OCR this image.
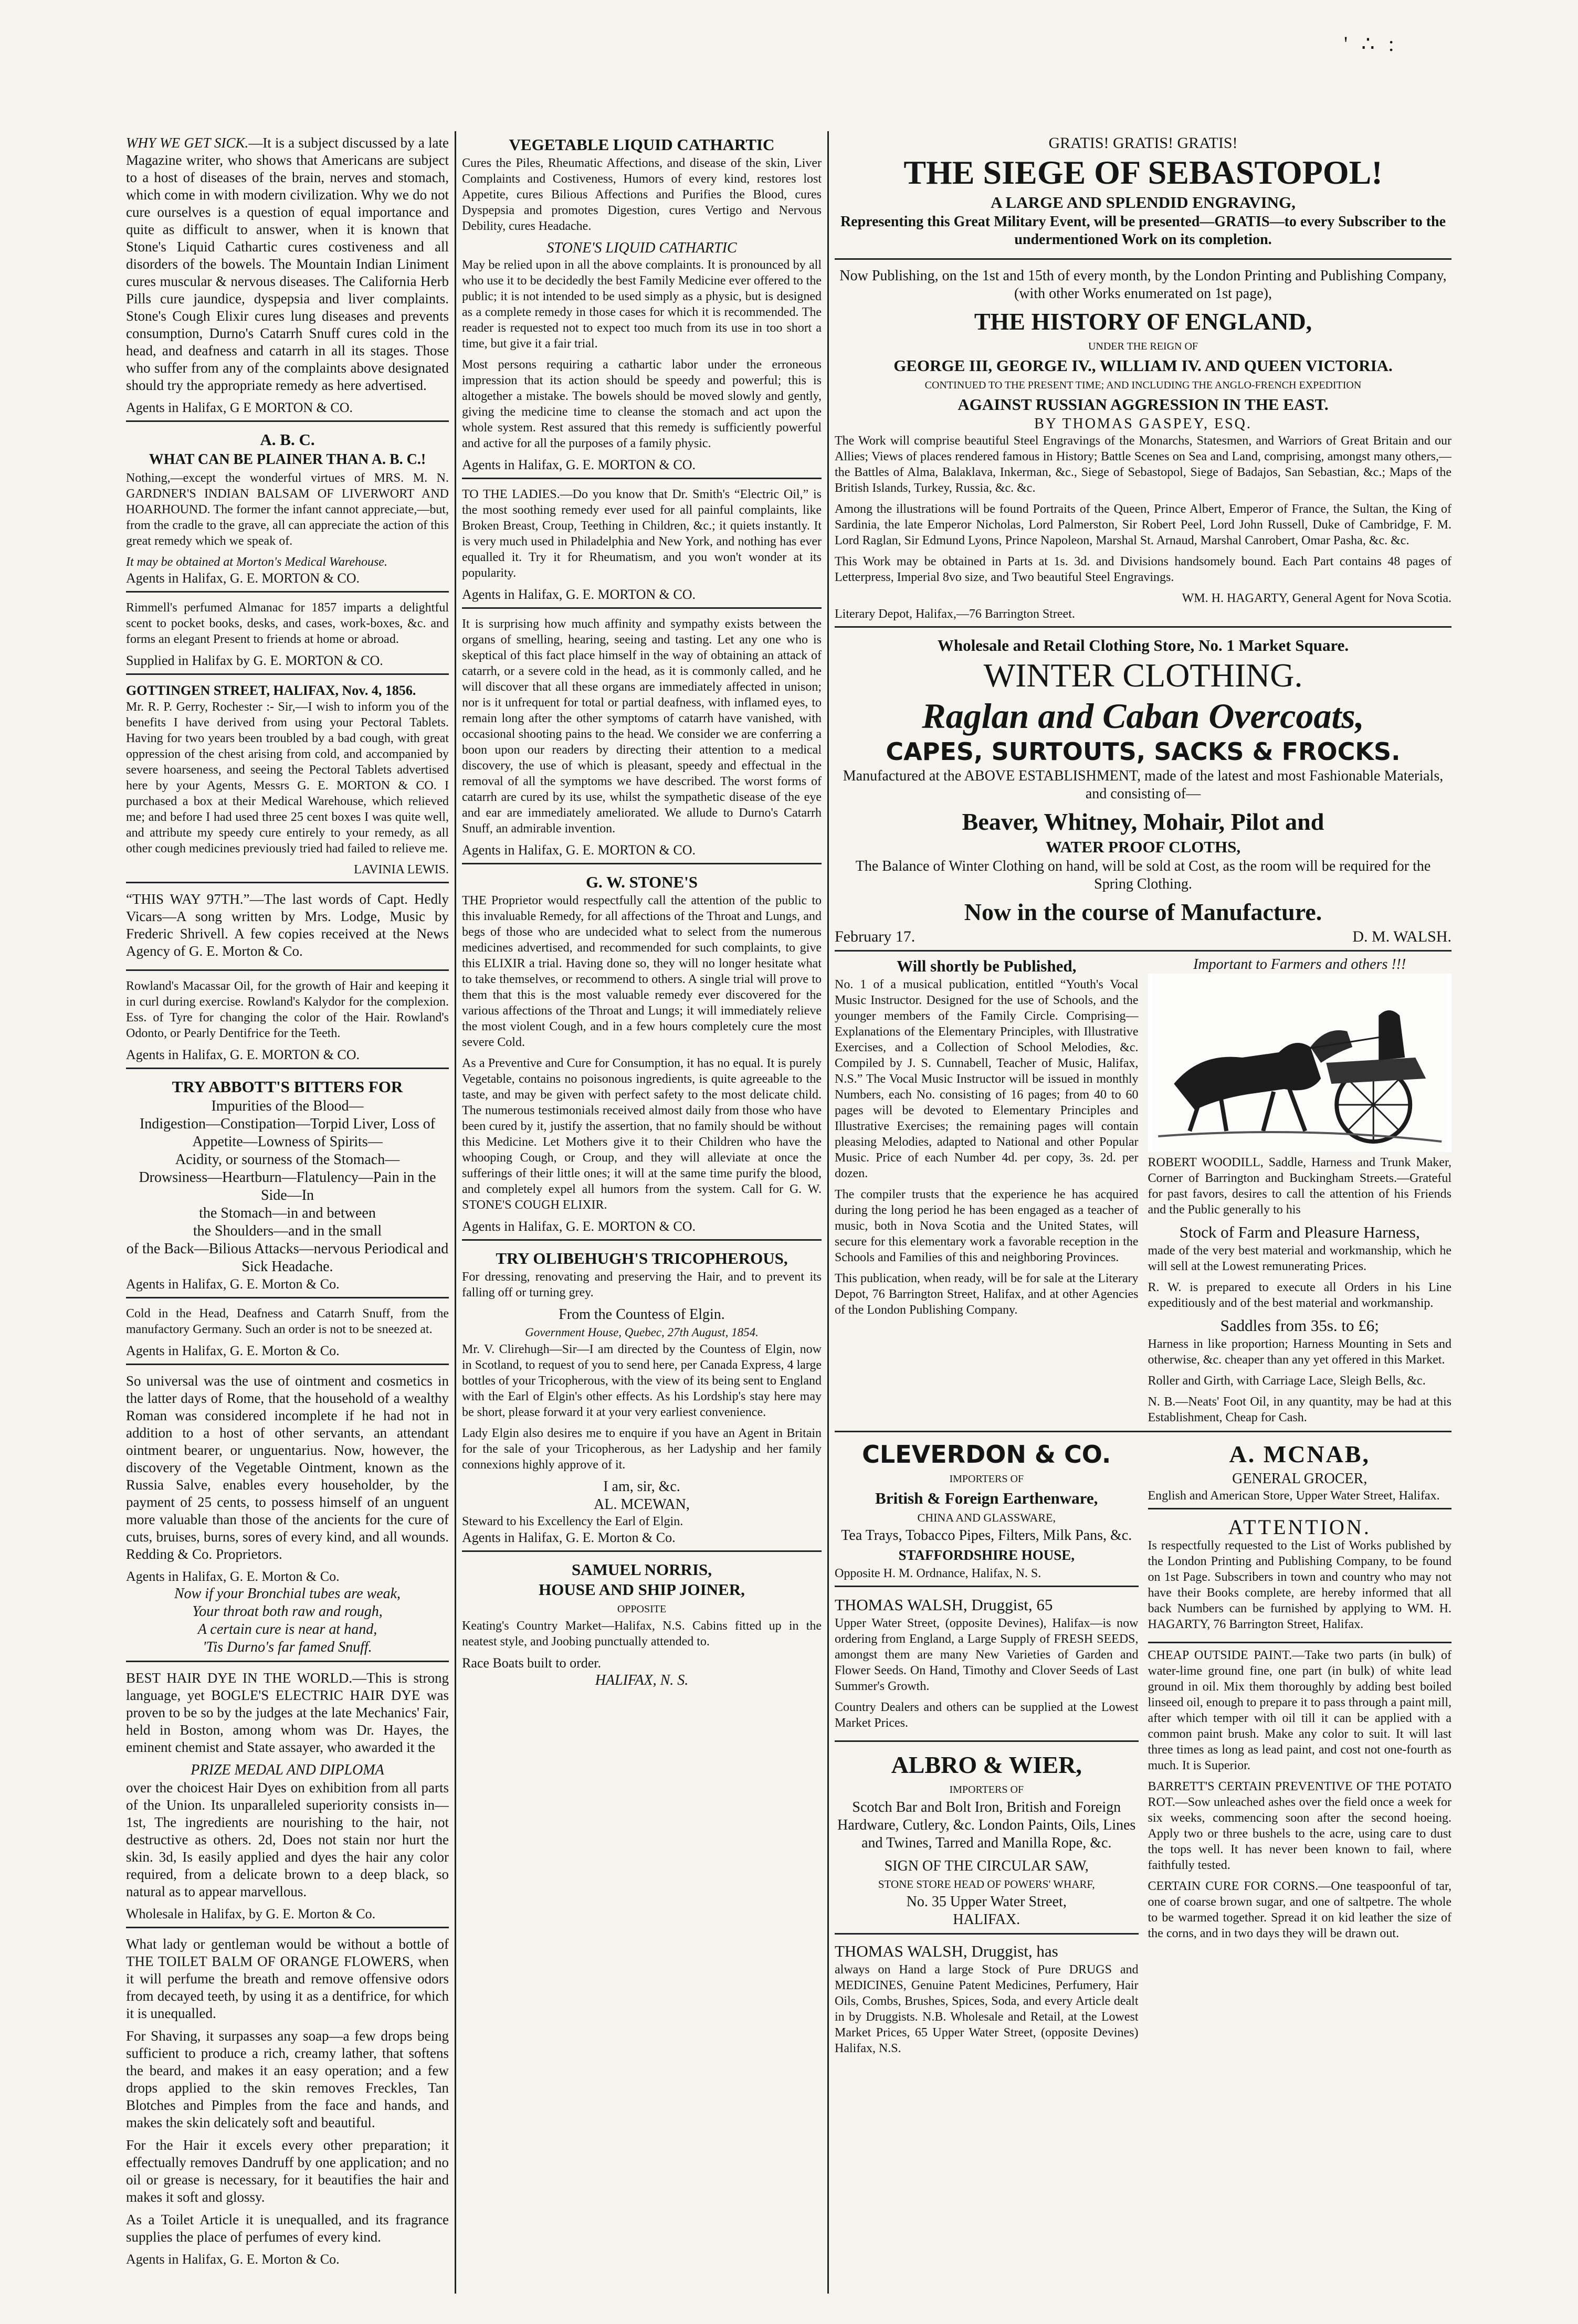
' ∴ :

WHY WE GET SICK.—It is a subject discussed by a late Magazine writer, who shows that Americans are subject to a host of diseases of the brain, nerves and stomach, which come in with modern civilization. Why we do not cure ourselves is a question of equal importance and quite as difficult to answer, when it is known that Stone's Liquid Cathartic cures costiveness and all disorders of the bowels. The Mountain Indian Liniment cures muscular & nervous diseases. The California Herb Pills cure jaundice, dyspepsia and liver complaints. Stone's Cough Elixir cures lung diseases and prevents consumption, Durno's Catarrh Snuff cures cold in the head, and deafness and catarrh in all its stages. Those who suffer from any of the complaints above designated should try the appropriate remedy as here advertised.

Agents in Halifax, G E MORTON & CO.
A. B. C.
WHAT CAN BE PLAINER THAN A. B. C.!

Nothing,—except the wonderful virtues of MRS. M. N. GARDNER'S INDIAN BALSAM OF LIVERWORT AND HOARHOUND. The former the infant cannot appreciate,—but, from the cradle to the grave, all can appreciate the action of this great remedy which we speak of.

It may be obtained at Morton's Medical Warehouse.
Agents in Halifax, G. E. MORTON & CO.

Rimmell's perfumed Almanac for 1857 imparts a delightful scent to pocket books, desks, and cases, work-boxes, &c. and forms an elegant Present to friends at home or abroad.

Supplied in Halifax by G. E. MORTON & CO.
GOTTINGEN STREET, HALIFAX, Nov. 4, 1856.

Mr. R. P. Gerry, Rochester :- Sir,—I wish to inform you of the benefits I have derived from using your Pectoral Tablets. Having for two years been troubled by a bad cough, with great oppression of the chest arising from cold, and accompanied by severe hoarseness, and seeing the Pectoral Tablets advertised here by your Agents, Messrs G. E. MORTON & CO. I purchased a box at their Medical Warehouse, which relieved me; and before I had used three 25 cent boxes I was quite well, and attribute my speedy cure entirely to your remedy, as all other cough medicines previously tried had failed to relieve me.

LAVINIA LEWIS.

“THIS WAY 97TH.”—The last words of Capt. Hedly Vicars—A song written by Mrs. Lodge, Music by Frederic Shrivell. A few copies received at the News Agency of G. E. Morton & Co.

Rowland's Macassar Oil, for the growth of Hair and keeping it in curl during exercise. Rowland's Kalydor for the complexion. Ess. of Tyre for changing the color of the Hair. Rowland's Odonto, or Pearly Dentifrice for the Teeth.

Agents in Halifax, G. E. MORTON & CO.
TRY ABBOTT'S BITTERS FOR
Impurities of the Blood—
Indigestion—Constipation—Torpid Liver, Loss of Appetite—Lowness of Spirits—
Acidity, or sourness of the Stomach—
Drowsiness—Heartburn—Flatulency—Pain in the Side—In
the Stomach—in and between
the Shoulders—and in the small
of the Back—Bilious Attacks—nervous Periodical and Sick Headache.
Agents in Halifax, G. E. Morton & Co.

Cold in the Head, Deafness and Catarrh Snuff, from the manufactory Germany. Such an order is not to be sneezed at.

Agents in Halifax, G. E. Morton & Co.

So universal was the use of ointment and cosmetics in the latter days of Rome, that the household of a wealthy Roman was considered incomplete if he had not in addition to a host of other servants, an attendant ointment bearer, or unguentarius. Now, however, the discovery of the Vegetable Ointment, known as the Russia Salve, enables every householder, by the payment of 25 cents, to possess himself of an unguent more valuable than those of the ancients for the cure of cuts, bruises, burns, sores of every kind, and all wounds. Redding & Co. Proprietors.

Agents in Halifax, G. E. Morton & Co.
Now if your Bronchial tubes are weak,
Your throat both raw and rough,
A certain cure is near at hand,
'Tis Durno's far famed Snuff.

BEST HAIR DYE IN THE WORLD.—This is strong language, yet BOGLE'S ELECTRIC HAIR DYE was proven to be so by the judges at the late Mechanics' Fair, held in Boston, among whom was Dr. Hayes, the eminent chemist and State assayer, who awarded it the

PRIZE MEDAL AND DIPLOMA

over the choicest Hair Dyes on exhibition from all parts of the Union. Its unparalleled superiority consists in—1st, The ingredients are nourishing to the hair, not destructive as others. 2d, Does not stain nor hurt the skin. 3d, Is easily applied and dyes the hair any color required, from a delicate brown to a deep black, so natural as to appear marvellous.

Wholesale in Halifax, by G. E. Morton & Co.

What lady or gentleman would be without a bottle of THE TOILET BALM OF ORANGE FLOWERS, when it will perfume the breath and remove offensive odors from decayed teeth, by using it as a dentifrice, for which it is unequalled.

For Shaving, it surpasses any soap—a few drops being sufficient to produce a rich, creamy lather, that softens the beard, and makes it an easy operation; and a few drops applied to the skin removes Freckles, Tan Blotches and Pimples from the face and hands, and makes the skin delicately soft and beautiful.

For the Hair it excels every other preparation; it effectually removes Dandruff by one application; and no oil or grease is necessary, for it beautifies the hair and makes it soft and glossy.

As a Toilet Article it is unequalled, and its fragrance supplies the place of perfumes of every kind.

Agents in Halifax, G. E. Morton & Co.
VEGETABLE LIQUID CATHARTIC

Cures the Piles, Rheumatic Affections, and disease of the skin, Liver Complaints and Costiveness, Humors of every kind, restores lost Appetite, cures Bilious Affections and Purifies the Blood, cures Dyspepsia and promotes Digestion, cures Vertigo and Nervous Debility, cures Headache.

STONE'S LIQUID CATHARTIC

May be relied upon in all the above complaints. It is pronounced by all who use it to be decidedly the best Family Medicine ever offered to the public; it is not intended to be used simply as a physic, but is designed as a complete remedy in those cases for which it is recommended. The reader is requested not to expect too much from its use in too short a time, but give it a fair trial.

Most persons requiring a cathartic labor under the erroneous impression that its action should be speedy and powerful; this is altogether a mistake. The bowels should be moved slowly and gently, giving the medicine time to cleanse the stomach and act upon the whole system. Rest assured that this remedy is sufficiently powerful and active for all the purposes of a family physic.

Agents in Halifax, G. E. MORTON & CO.

TO THE LADIES.—Do you know that Dr. Smith's “Electric Oil,” is the most soothing remedy ever used for all painful complaints, like Broken Breast, Croup, Teething in Children, &c.; it quiets instantly. It is very much used in Philadelphia and New York, and nothing has ever equalled it. Try it for Rheumatism, and you won't wonder at its popularity.

Agents in Halifax, G. E. MORTON & CO.

It is surprising how much affinity and sympathy exists between the organs of smelling, hearing, seeing and tasting. Let any one who is skeptical of this fact place himself in the way of obtaining an attack of catarrh, or a severe cold in the head, as it is commonly called, and he will discover that all these organs are immediately affected in unison; nor is it unfrequent for total or partial deafness, with inflamed eyes, to remain long after the other symptoms of catarrh have vanished, with occasional shooting pains to the head. We consider we are conferring a boon upon our readers by directing their attention to a medical discovery, the use of which is pleasant, speedy and effectual in the removal of all the symptoms we have described. The worst forms of catarrh are cured by its use, whilst the sympathetic disease of the eye and ear are immediately ameliorated. We allude to Durno's Catarrh Snuff, an admirable invention.

Agents in Halifax, G. E. MORTON & CO.
G. W. STONE'S

THE Proprietor would respectfully call the attention of the public to this invaluable Remedy, for all affections of the Throat and Lungs, and begs of those who are undecided what to select from the numerous medicines advertised, and recommended for such complaints, to give this ELIXIR a trial. Having done so, they will no longer hesitate what to take themselves, or recommend to others. A single trial will prove to them that this is the most valuable remedy ever discovered for the various affections of the Throat and Lungs; it will immediately relieve the most violent Cough, and in a few hours completely cure the most severe Cold.

As a Preventive and Cure for Consumption, it has no equal. It is purely Vegetable, contains no poisonous ingredients, is quite agreeable to the taste, and may be given with perfect safety to the most delicate child. The numerous testimonials received almost daily from those who have been cured by it, justify the assertion, that no family should be without this Medicine. Let Mothers give it to their Children who have the whooping Cough, or Croup, and they will alleviate at once the sufferings of their little ones; it will at the same time purify the blood, and completely expel all humors from the system. Call for G. W. STONE'S COUGH ELIXIR.

Agents in Halifax, G. E. MORTON & CO.
TRY OLIBEHUGH'S TRICOPHEROUS,

For dressing, renovating and preserving the Hair, and to prevent its falling off or turning grey.

From the Countess of Elgin.
Government House, Quebec, 27th August, 1854.

Mr. V. Clirehugh—Sir—I am directed by the Countess of Elgin, now in Scotland, to request of you to send here, per Canada Express, 4 large bottles of your Tricopherous, with the view of its being sent to England with the Earl of Elgin's other effects. As his Lordship's stay here may be short, please forward it at your very earliest convenience.

Lady Elgin also desires me to enquire if you have an Agent in Britain for the sale of your Tricopherous, as her Ladyship and her family connexions highly approve of it.

I am, sir, &c.
AL. MCEWAN,
Steward to his Excellency the Earl of Elgin.
Agents in Halifax, G. E. Morton & Co.
SAMUEL NORRIS,
HOUSE AND SHIP JOINER,
OPPOSITE

Keating's Country Market—Halifax, N.S. Cabins fitted up in the neatest style, and Joobing punctually attended to.

Race Boats built to order.
HALIFAX, N. S.
GRATIS! GRATIS! GRATIS!
THE SIEGE OF SEBASTOPOL!
A LARGE AND SPLENDID ENGRAVING,

Representing this Great Military Event, will be presented—GRATIS—to every Subscriber to the undermentioned Work on its completion.

Now Publishing, on the 1st and 15th of every month, by the London Printing and Publishing Company, (with other Works enumerated on 1st page),

THE HISTORY OF ENGLAND,
UNDER THE REIGN OF
GEORGE III, GEORGE IV., WILLIAM IV. AND QUEEN VICTORIA.
CONTINUED TO THE PRESENT TIME; AND INCLUDING THE ANGLO-FRENCH EXPEDITION
AGAINST RUSSIAN AGGRESSION IN THE EAST.
BY THOMAS GASPEY, ESQ.

The Work will comprise beautiful Steel Engravings of the Monarchs, Statesmen, and Warriors of Great Britain and our Allies; Views of places rendered famous in History; Battle Scenes on Sea and Land, comprising, amongst many others,—the Battles of Alma, Balaklava, Inkerman, &c., Siege of Sebastopol, Siege of Badajos, San Sebastian, &c.; Maps of the British Islands, Turkey, Russia, &c. &c.

Among the illustrations will be found Portraits of the Queen, Prince Albert, Emperor of France, the Sultan, the King of Sardinia, the late Emperor Nicholas, Lord Palmerston, Sir Robert Peel, Lord John Russell, Duke of Cambridge, F. M. Lord Raglan, Sir Edmund Lyons, Prince Napoleon, Marshal St. Arnaud, Marshal Canrobert, Omar Pasha, &c. &c.

This Work may be obtained in Parts at 1s. 3d. and Divisions handsomely bound. Each Part contains 48 pages of Letterpress, Imperial 8vo size, and Two beautiful Steel Engravings.

WM. H. HAGARTY, General Agent for Nova Scotia.
Literary Depot, Halifax,—76 Barrington Street.
Wholesale and Retail Clothing Store, No. 1 Market Square.
WINTER CLOTHING.
Raglan and Caban Overcoats,
CAPES, SURTOUTS, SACKS & FROCKS.

Manufactured at the ABOVE ESTABLISHMENT, made of the latest and most Fashionable Materials, and consisting of—

Beaver, Whitney, Mohair, Pilot and
WATER PROOF CLOTHS,

The Balance of Winter Clothing on hand, will be sold at Cost, as the room will be required for the Spring Clothing.

Now in the course of Manufacture.
February 17.	D. M. WALSH.
Will shortly be Published,

No. 1 of a musical publication, entitled “Youth's Vocal Music Instructor. Designed for the use of Schools, and the younger members of the Family Circle. Comprising—Explanations of the Elementary Principles, with Illustrative Exercises, and a Collection of School Melodies, &c. Compiled by J. S. Cunnabell, Teacher of Music, Halifax, N.S.” The Vocal Music Instructor will be issued in monthly Numbers, each No. consisting of 16 pages; from 40 to 60 pages will be devoted to Elementary Principles and Illustrative Exercises; the remaining pages will contain pleasing Melodies, adapted to National and other Popular Music. Price of each Number 4d. per copy, 3s. 2d. per dozen.

The compiler trusts that the experience he has acquired during the long period he has been engaged as a teacher of music, both in Nova Scotia and the United States, will secure for this elementary work a favorable reception in the Schools and Families of this and neighboring Provinces.

This publication, when ready, will be for sale at the Literary Depot, 76 Barrington Street, Halifax, and at other Agencies of the London Publishing Company.

Important to Farmers and others !!!

ROBERT WOODILL, Saddle, Harness and Trunk Maker, Corner of Barrington and Buckingham Streets.—Grateful for past favors, desires to call the attention of his Friends and the Public generally to his

Stock of Farm and Pleasure Harness,

made of the very best material and workmanship, which he will sell at the Lowest remunerating Prices.

R. W. is prepared to execute all Orders in his Line expeditiously and of the best material and workmanship.

Saddles from 35s. to £6;

Harness in like proportion; Harness Mounting in Sets and otherwise, &c. cheaper than any yet offered in this Market.

Roller and Girth, with Carriage Lace, Sleigh Bells, &c.

N. B.—Neats' Foot Oil, in any quantity, may be had at this Establishment, Cheap for Cash.

CLEVERDON & CO.
IMPORTERS OF
British & Foreign Earthenware,
CHINA AND GLASSWARE,
Tea Trays, Tobacco Pipes, Filters, Milk Pans, &c.
STAFFORDSHIRE HOUSE,
Opposite H. M. Ordnance, Halifax, N. S.
THOMAS WALSH, Druggist, 65

Upper Water Street, (opposite Devines), Halifax—is now ordering from England, a Large Supply of FRESH SEEDS, amongst them are many New Varieties of Garden and Flower Seeds. On Hand, Timothy and Clover Seeds of Last Summer's Growth.

Country Dealers and others can be supplied at the Lowest Market Prices.

ALBRO & WIER,
IMPORTERS OF

Scotch Bar and Bolt Iron, British and Foreign Hardware, Cutlery, &c. London Paints, Oils, Lines and Twines, Tarred and Manilla Rope, &c.

SIGN OF THE CIRCULAR SAW,
STONE STORE HEAD OF POWERS' WHARF,
No. 35 Upper Water Street,
HALIFAX.
THOMAS WALSH, Druggist, has

always on Hand a large Stock of Pure DRUGS and MEDICINES, Genuine Patent Medicines, Perfumery, Hair Oils, Combs, Brushes, Spices, Soda, and every Article dealt in by Druggists. N.B. Wholesale and Retail, at the Lowest Market Prices, 65 Upper Water Street, (opposite Devines) Halifax, N.S.

A. MCNAB,
GENERAL GROCER,
English and American Store, Upper Water Street, Halifax.
ATTENTION.

Is respectfully requested to the List of Works published by the London Printing and Publishing Company, to be found on 1st Page. Subscribers in town and country who may not have their Books complete, are hereby informed that all back Numbers can be furnished by applying to WM. H. HAGARTY, 76 Barrington Street, Halifax.

CHEAP OUTSIDE PAINT.—Take two parts (in bulk) of water-lime ground fine, one part (in bulk) of white lead ground in oil. Mix them thoroughly by adding best boiled linseed oil, enough to prepare it to pass through a paint mill, after which temper with oil till it can be applied with a common paint brush. Make any color to suit. It will last three times as long as lead paint, and cost not one-fourth as much. It is Superior.

BARRETT'S CERTAIN PREVENTIVE OF THE POTATO ROT.—Sow unleached ashes over the field once a week for six weeks, commencing soon after the second hoeing. Apply two or three bushels to the acre, using care to dust the tops well. It has never been known to fail, where faithfully tested.

CERTAIN CURE FOR CORNS.—One teaspoonful of tar, one of coarse brown sugar, and one of saltpetre. The whole to be warmed together. Spread it on kid leather the size of the corns, and in two days they will be drawn out.
